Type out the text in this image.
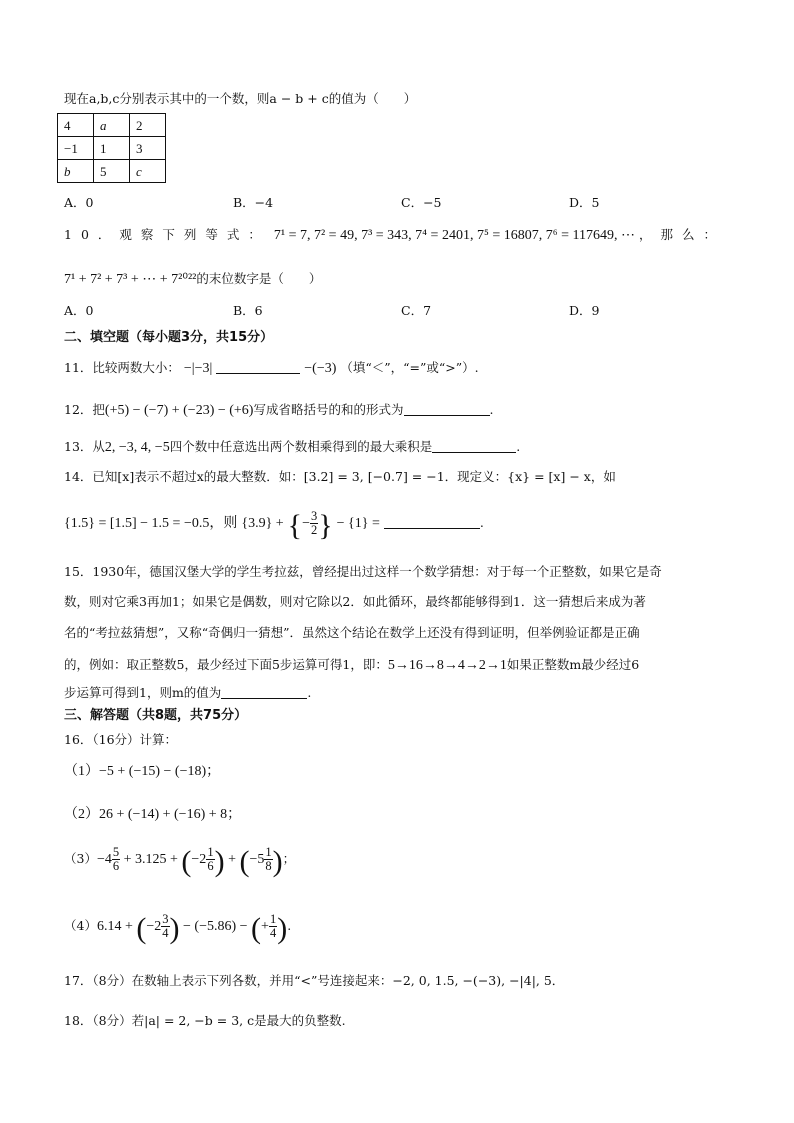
现在a,b,c分别表示其中的一个数，则a − b + c的值为（　　）
4	a	2
−1	1	3
b	5	c
A．0	B．−4	C．−5	D．5
10．观察下列等式： 7¹ = 7, 7² = 49, 7³ = 343, 7⁴ = 2401, 7⁵ = 16807, 7⁶ = 117649, ⋯ ，那么：
7¹ + 7² + 7³ + ⋯ + 7²⁰²²的末位数字是（　　）
A．0	B．6	C．7	D．9
二、填空题（每小题3分，共15分）
11．比较两数大小： −|−3|	−(−3) （填“＜”，“=”或“>”）.
12．把(+5) − (−7) + (−23) − (+6)写成省略括号的和的形式为	.
13．从2, −3, 4, −5四个数中任意选出两个数相乘得到的最大乘积是	.
14．已知[x]表示不超过x的最大整数．如：[3.2] = 3, [−0.7] = −1．现定义：{x} = [x] − x，如
{1.5} = [1.5] − 1.5 = −0.5，则 {3.9} + {− $\frac{3}{2}$ } − {1} =	.
15．1930年，德国汉堡大学的学生考拉兹，曾经提出过这样一个数学猜想：对于每一个正整数，如果它是奇
数，则对它乘3再加1；如果它是偶数，则对它除以2．如此循环，最终都能够得到1．这一猜想后来成为著
名的“考拉兹猜想”，又称“奇偶归一猜想”．虽然这个结论在数学上还没有得到证明，但举例验证都是正确
的，例如：取正整数5，最少经过下面5步运算可得1，即：5→16→8→4→2→1如果正整数m最少经过6
步运算可得到1，则m的值为	.
三、解答题（共8题，共75分）
16．（16分）计算：
（1）−5 + (−15) − (−18)；
（2）26 + (−14) + (−16) + 8；
$(3)-4 \frac{5}{6} + 3.125 + (-2 \frac{1}{6}$ ) + ($-5 \frac{1}{8}$ )；
$(4)6.14 + (-2 \frac{3}{4}$ ) − (−5.86) − (+ $\frac{1}{4}$ ).
17．（8分）在数轴上表示下列各数，并用“<”号连接起来：−2, 0, 1.5, −(−3), −|4|, 5．
18．（8分）若|a| = 2, −b = 3, c是最大的负整数.
